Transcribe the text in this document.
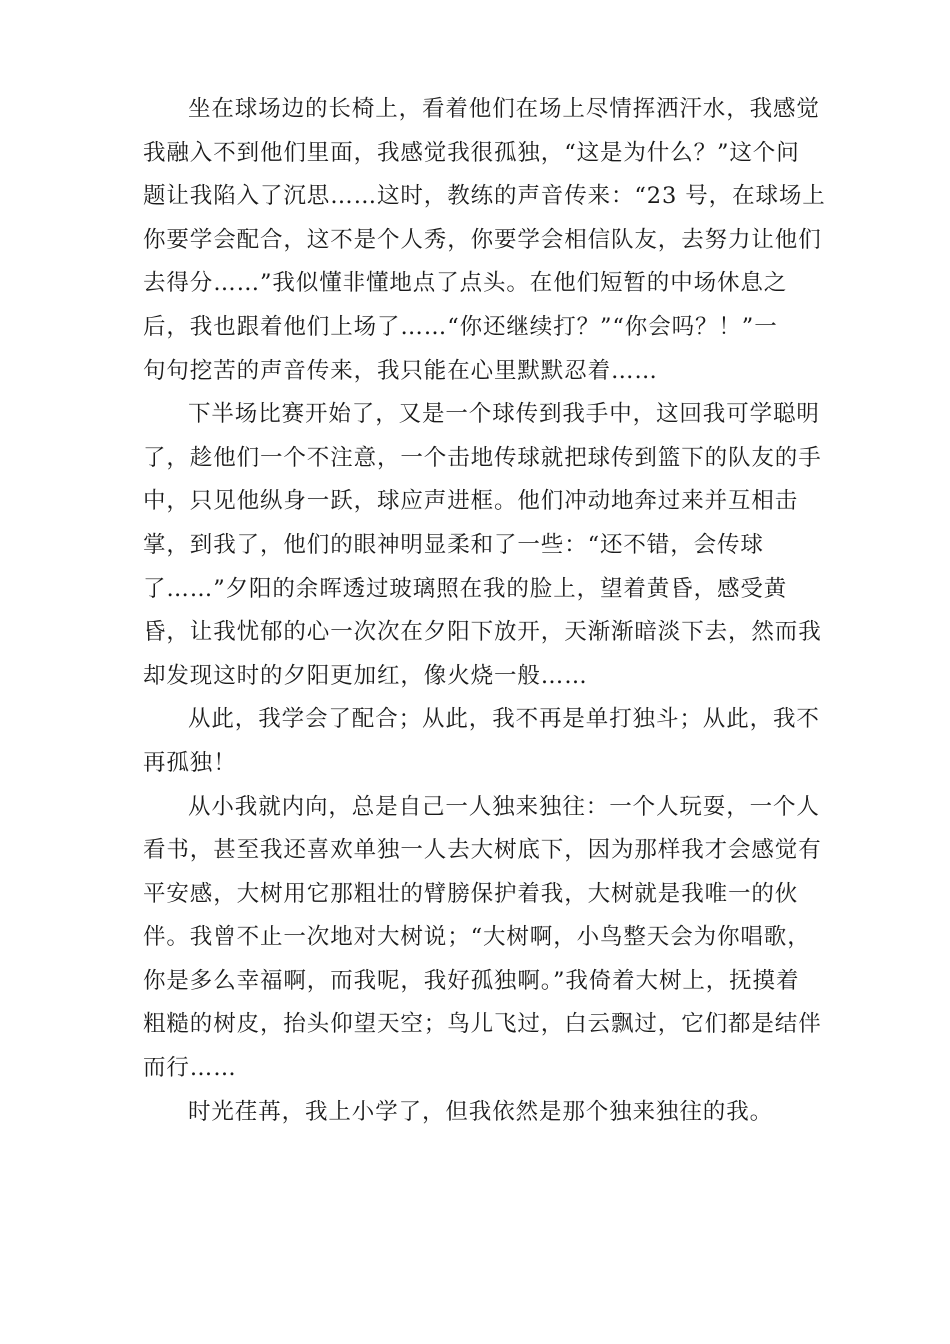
坐在球场边的长椅上，看着他们在场上尽情挥洒汗水，我感觉
我融入不到他们里面，我感觉我很孤独，“这是为什么？”这个问
题让我陷入了沉思……这时，教练的声音传来：“23 号，在球场上
你要学会配合，这不是个人秀，你要学会相信队友，去努力让他们
去得分……”我似懂非懂地点了点头。在他们短暂的中场休息之
后，我也跟着他们上场了……“你还继续打？”“你会吗？！”一
句句挖苦的声音传来，我只能在心里默默忍着……
下半场比赛开始了，又是一个球传到我手中，这回我可学聪明
了，趁他们一个不注意，一个击地传球就把球传到篮下的队友的手
中，只见他纵身一跃，球应声进框。他们冲动地奔过来并互相击
掌，到我了，他们的眼神明显柔和了一些：“还不错，会传球
了……”夕阳的余晖透过玻璃照在我的脸上，望着黄昏，感受黄
昏，让我忧郁的心一次次在夕阳下放开，天渐渐暗淡下去，然而我
却发现这时的夕阳更加红，像火烧一般……
从此，我学会了配合；从此，我不再是单打独斗；从此，我不
再孤独！
从小我就内向，总是自己一人独来独往：一个人玩耍，一个人
看书，甚至我还喜欢单独一人去大树底下，因为那样我才会感觉有
平安感，大树用它那粗壮的臂膀保护着我，大树就是我唯一的伙
伴。我曾不止一次地对大树说；“大树啊，小鸟整天会为你唱歌，
你是多么幸福啊，而我呢，我好孤独啊。”我倚着大树上，抚摸着
粗糙的树皮，抬头仰望天空；鸟儿飞过，白云飘过，它们都是结伴
而行……
时光荏苒，我上小学了，但我依然是那个独来独往的我。
